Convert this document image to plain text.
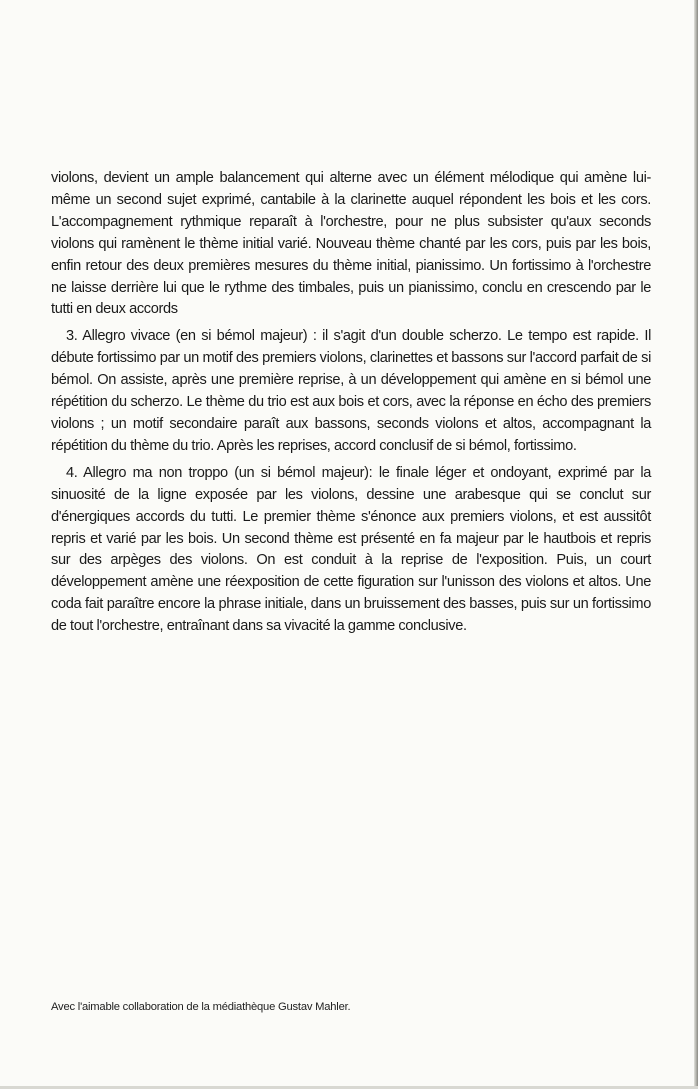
violons, devient un ample balancement qui alterne avec un élément mélodique qui amène lui-même un second sujet exprimé, cantabile à la clarinette auquel répondent les bois et les cors. L'accompagnement rythmique reparaît à l'orchestre, pour ne plus subsister qu'aux seconds violons qui ramènent le thème initial varié. Nouveau thème chanté par les cors, puis par les bois, enfin retour des deux premières mesures du thème initial, pianissimo. Un fortissimo à l'orchestre ne laisse derrière lui que le rythme des timbales, puis un pianissimo, conclu en crescendo par le tutti en deux accords

3. Allegro vivace (en si bémol majeur) : il s'agit d'un double scherzo. Le tempo est rapide. Il débute fortissimo par un motif des premiers violons, clarinettes et bassons sur l'accord parfait de si bémol. On assiste, après une première reprise, à un développement qui amène en si bémol une répétition du scherzo. Le thème du trio est aux bois et cors, avec la réponse en écho des premiers violons ; un motif secondaire paraît aux bassons, seconds violons et altos, accompagnant la répétition du thème du trio. Après les reprises, accord conclusif de si bémol, fortissimo.

4. Allegro ma non troppo (un si bémol majeur): le finale léger et ondoyant, exprimé par la sinuosité de la ligne exposée par les violons, dessine une arabesque qui se conclut sur d'énergiques accords du tutti. Le premier thème s'énonce aux premiers violons, et est aussitôt repris et varié par les bois. Un second thème est présenté en fa majeur par le hautbois et repris sur des arpèges des violons. On est conduit à la reprise de l'exposition. Puis, un court développement amène une réexposition de cette figuration sur l'unisson des violons et altos. Une coda fait paraître encore la phrase initiale, dans un bruissement des basses, puis sur un fortissimo de tout l'orchestre, entraînant dans sa vivacité la gamme conclusive.

Avec l'aimable collaboration de la médiathèque Gustav Mahler.
